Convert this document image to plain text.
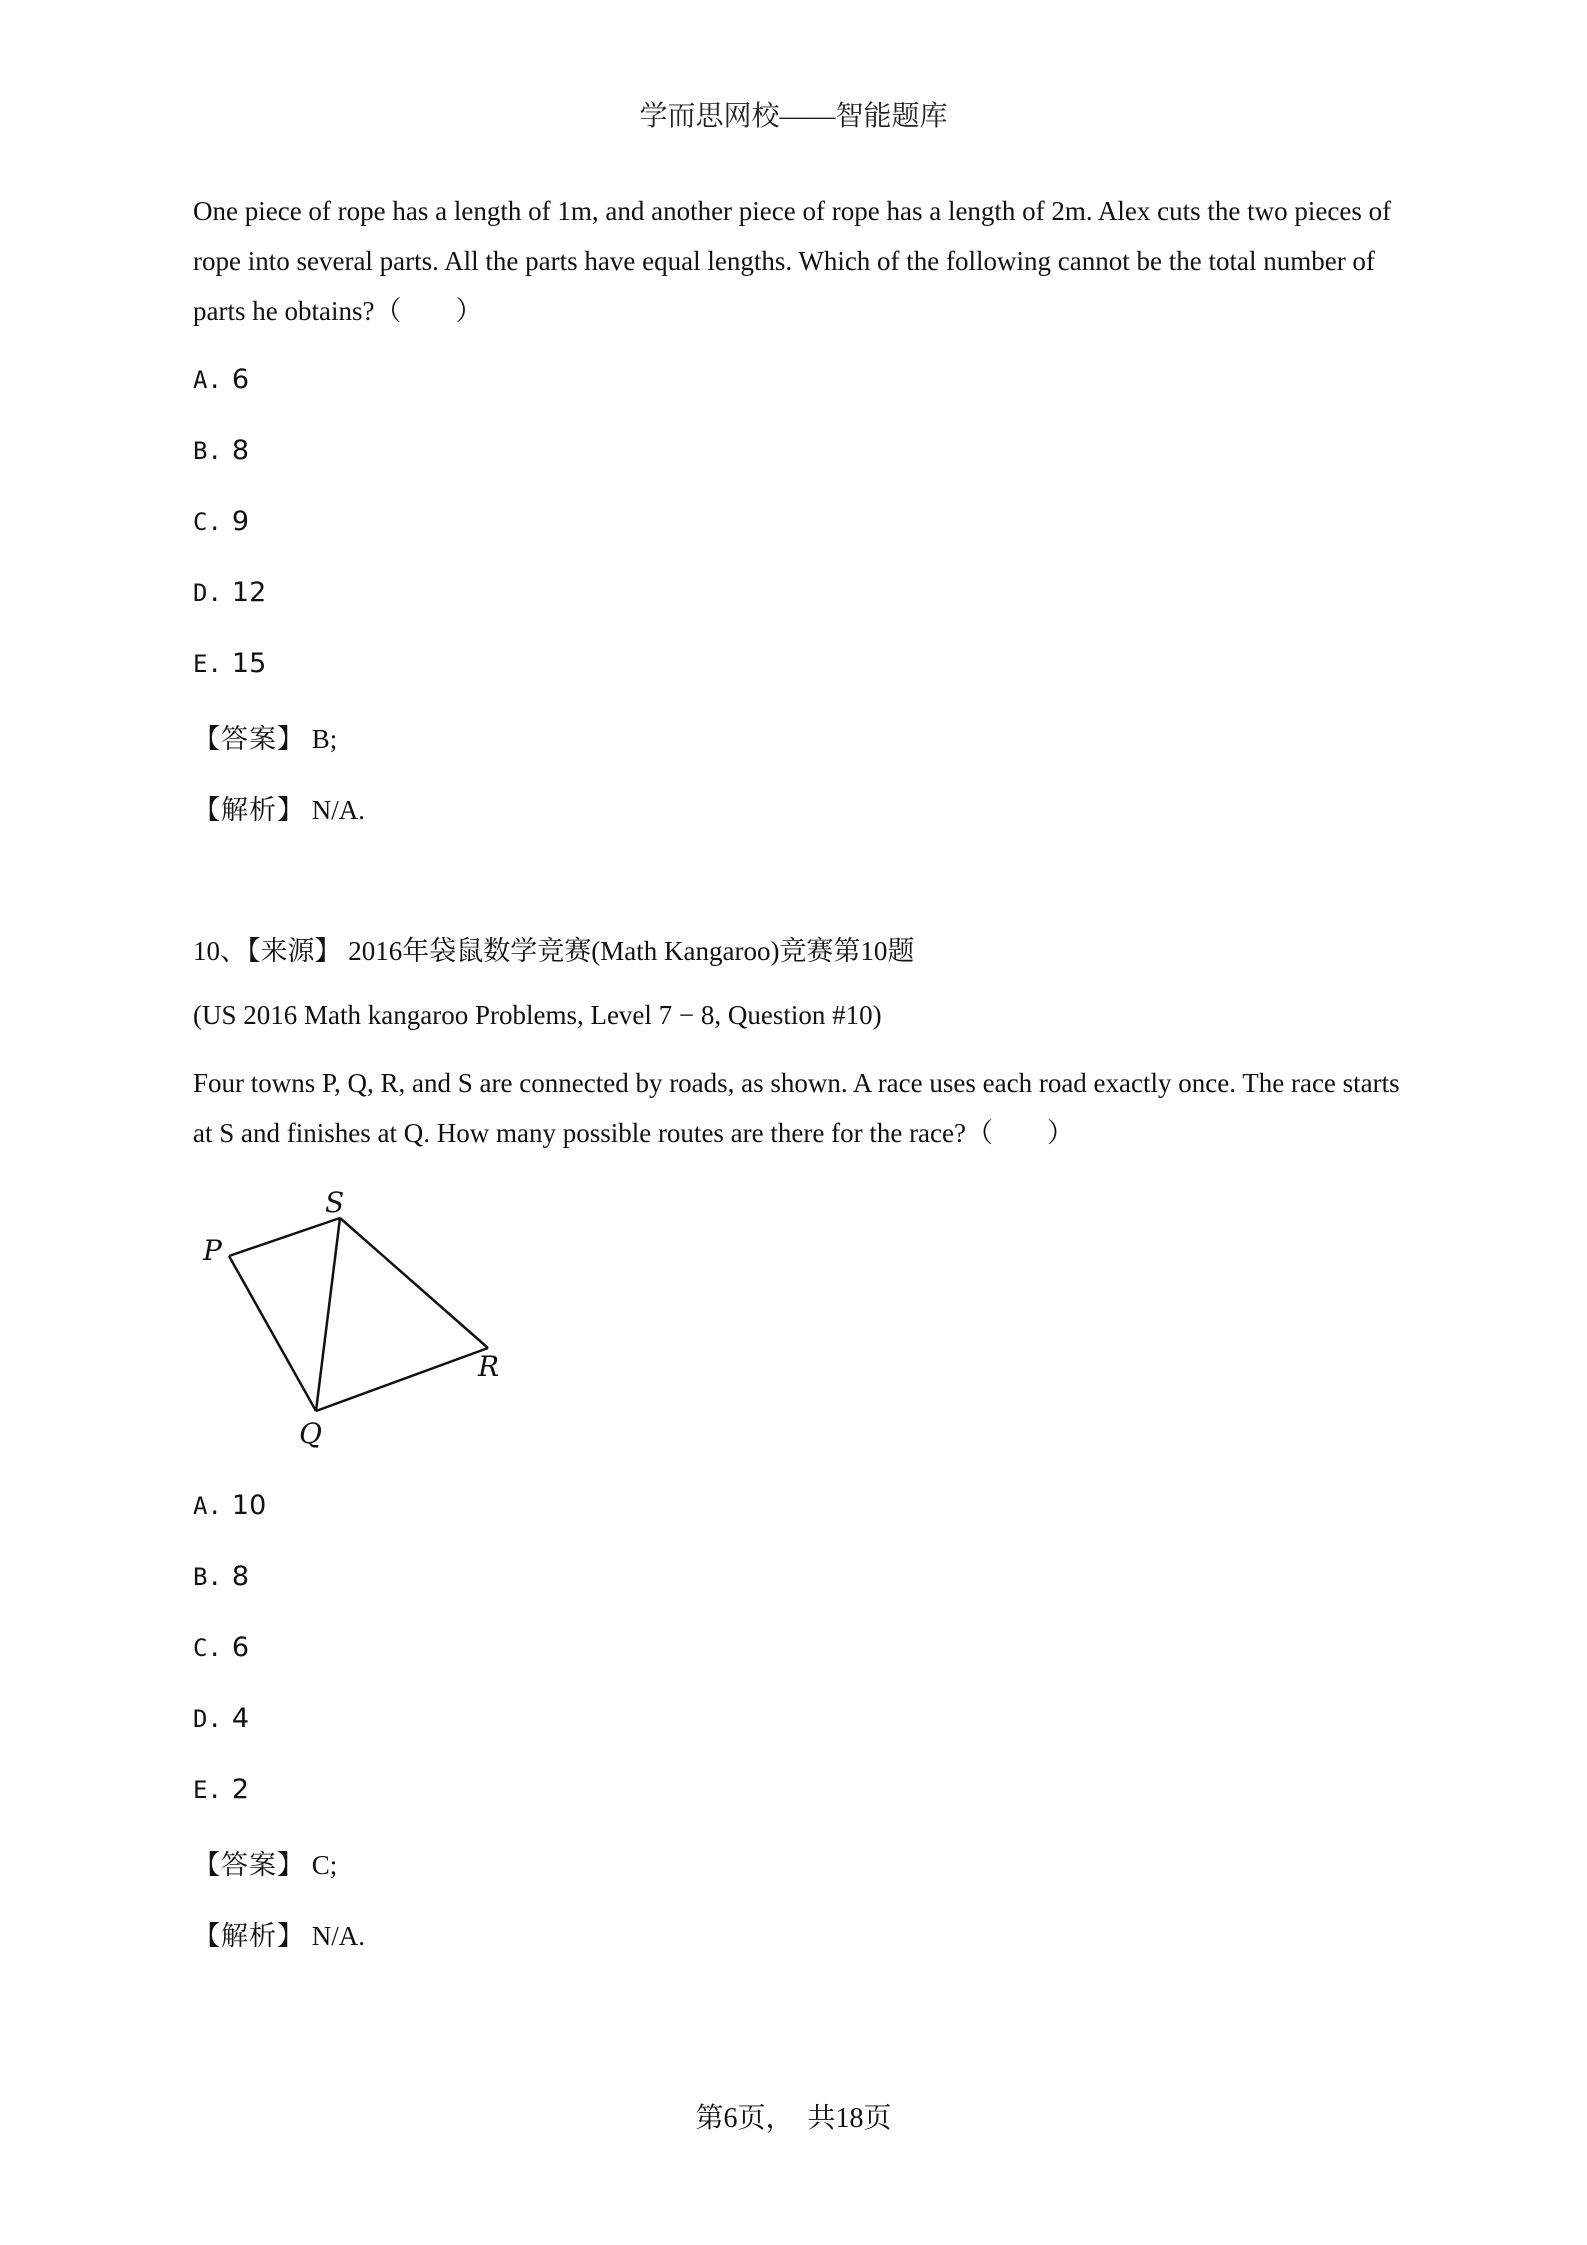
学而思网校——智能题库
One piece of rope has a length of 1m, and another piece of rope has a length of 2m. Alex cuts the two pieces of rope into several parts. All the parts have equal lengths. Which of the following cannot be the total number of parts he obtains?（　　）
A. 6
B. 8
C. 9
D. 12
E. 15
【答案】 B;
【解析】 N/A.
10、【来源】 2016年袋鼠数学竞赛(Math Kangaroo)竞赛第10题
(US 2016 Math kangaroo Problems, Level 7 − 8, Question #10)
Four towns P, Q, R, and S are connected by roads, as shown. A race uses each road exactly once. The race starts at S and finishes at Q. How many possible routes are there for the race?（　　）
P
S
R
Q
A. 10
B. 8
C. 6
D. 4
E. 2
【答案】 C;
【解析】 N/A.
第6页，　共18页
